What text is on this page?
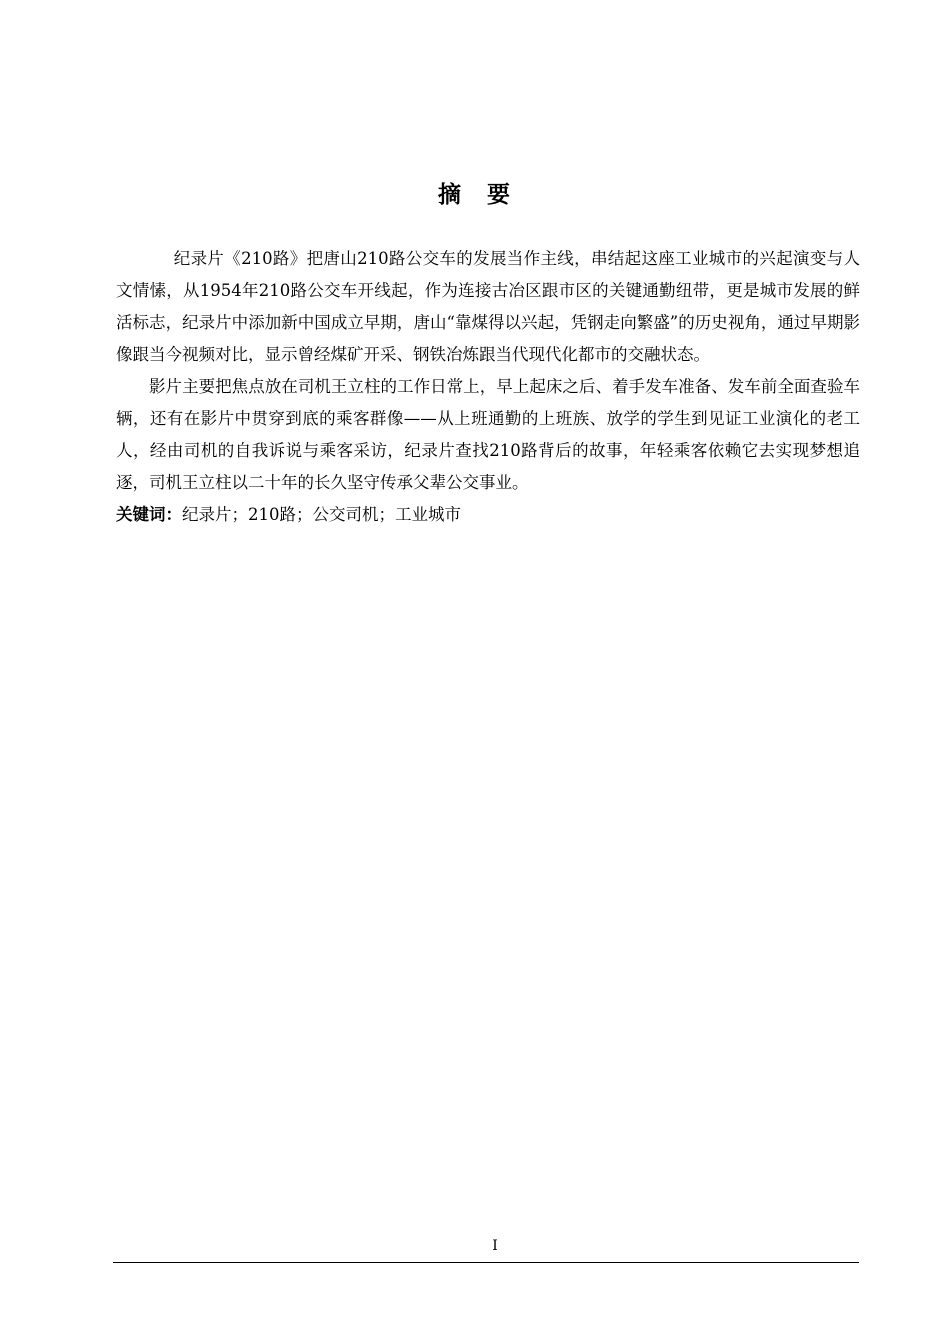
摘要

纪录片《210路》把唐山210路公交车的发展当作主线，串结起这座工业城市的兴起演变与人文情愫，从1954年210路公交车开线起，作为连接古冶区跟市区的关键通勤纽带，更是城市发展的鲜活标志，纪录片中添加新中国成立早期，唐山“靠煤得以兴起，凭钢走向繁盛”的历史视角，通过早期影像跟当今视频对比，显示曾经煤矿开采、钢铁冶炼跟当代现代化都市的交融状态。

影片主要把焦点放在司机王立柱的工作日常上，早上起床之后、着手发车准备、发车前全面查验车辆，还有在影片中贯穿到底的乘客群像——从上班通勤的上班族、放学的学生到见证工业演化的老工人，经由司机的自我诉说与乘客采访，纪录片查找210路背后的故事，年轻乘客依赖它去实现梦想追逐，司机王立柱以二十年的长久坚守传承父辈公交事业。

关键词：纪录片；210路；公交司机；工业城市

I
